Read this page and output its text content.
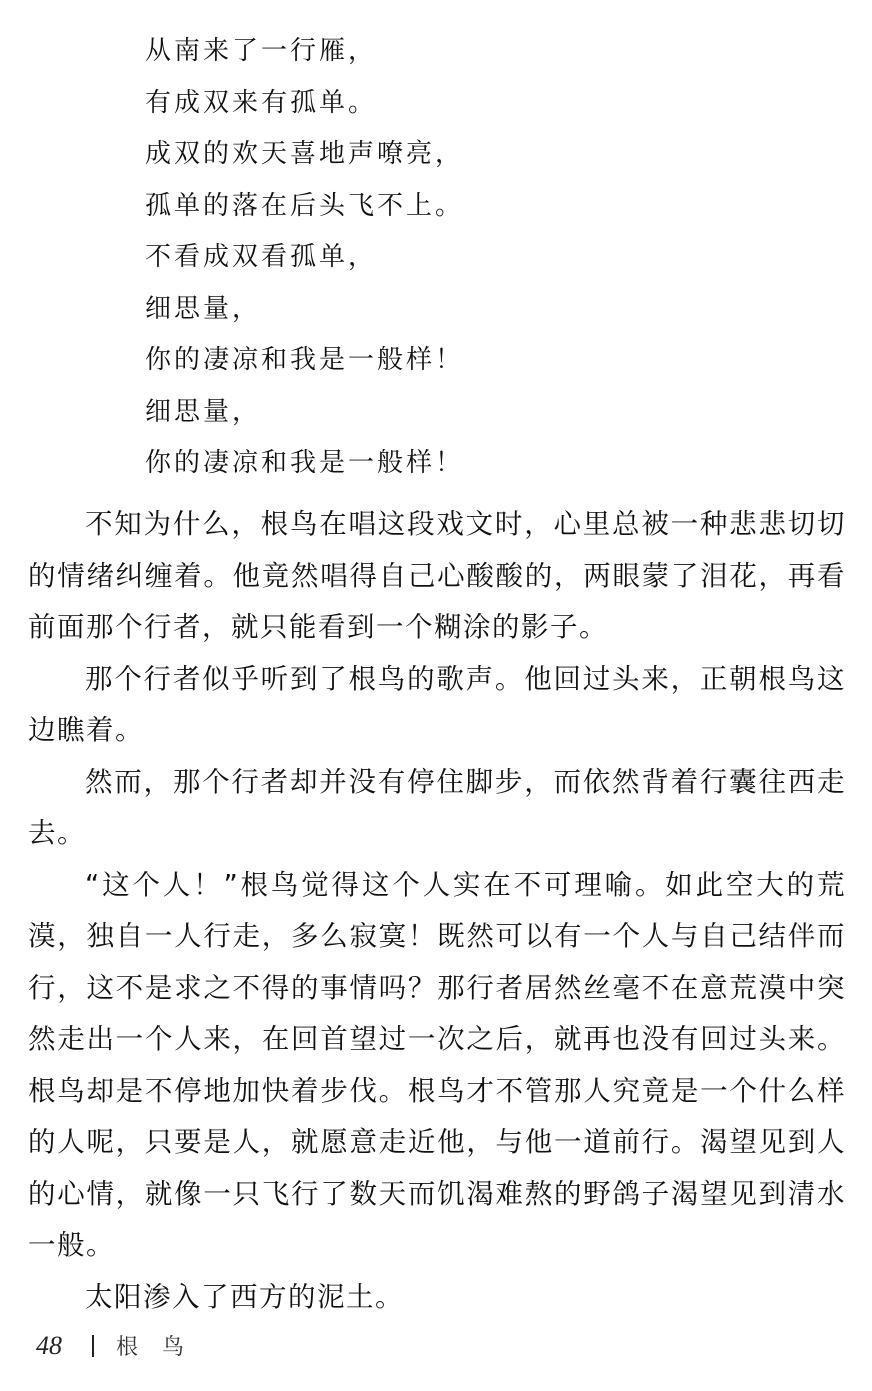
从南来了一行雁，
有成双来有孤单。
成双的欢天喜地声嘹亮，
孤单的落在后头飞不上。
不看成双看孤单，
细思量，
你的凄凉和我是一般样！
细思量，
你的凄凉和我是一般样！

不知为什么，根鸟在唱这段戏文时，心里总被一种悲悲切切的情绪纠缠着。他竟然唱得自己心酸酸的，两眼蒙了泪花，再看前面那个行者，就只能看到一个糊涂的影子。

那个行者似乎听到了根鸟的歌声。他回过头来，正朝根鸟这边瞧着。

然而，那个行者却并没有停住脚步，而依然背着行囊往西走去。

“这个人！”根鸟觉得这个人实在不可理喻。如此空大的荒漠，独自一人行走，多么寂寞！既然可以有一个人与自己结伴而行，这不是求之不得的事情吗？那行者居然丝毫不在意荒漠中突然走出一个人来，在回首望过一次之后，就再也没有回过头来。根鸟却是不停地加快着步伐。根鸟才不管那人究竟是一个什么样的人呢，只要是人，就愿意走近他，与他一道前行。渴望见到人的心情，就像一只飞行了数天而饥渴难熬的野鸽子渴望见到清水一般。

太阳渗入了西方的泥土。

48 根鸟
